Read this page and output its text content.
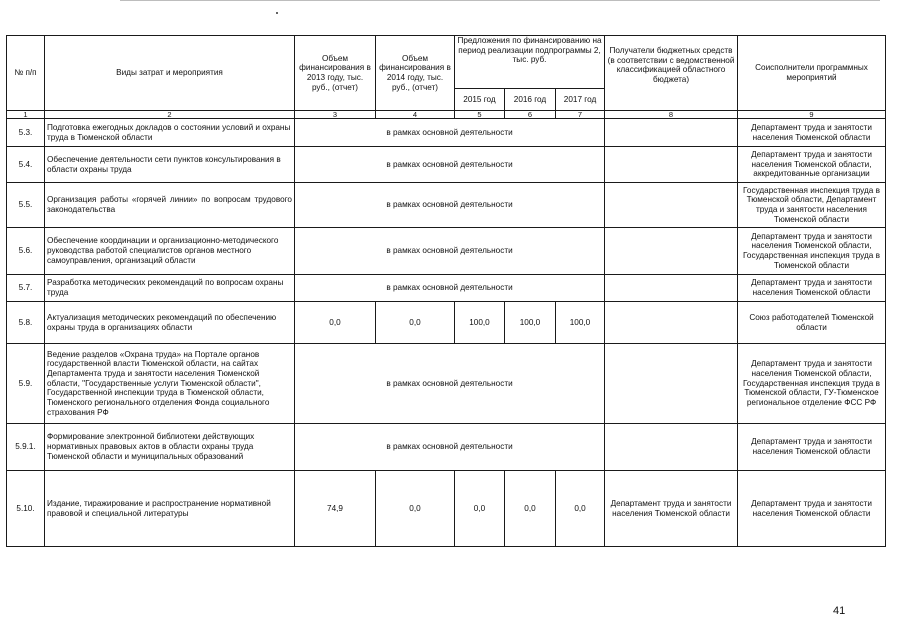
№ п/п	Виды затрат и мероприятия	Объем финансирования в 2013 году, тыс. руб., (отчет)	Объем финансирования в 2014 году, тыс. руб., (отчет)	Предложения по финансированию на период реализации подпрограммы 2, тыс. руб.			Получатели бюджетных средств (в соответствии с ведомственной классификацией областного бюджета)	Соисполнители программных мероприятий
				2015 год	2016 год	2017 год		
1	2	3	4	5	6	7	8	9
5.3.	Подготовка ежегодных докладов о состоянии условий и охраны труда в Тюменской области	в рамках основной деятельности						Департамент труда и занятости населения Тюменской области
5.4.	Обеспечение деятельности сети пунктов консультирования в области охраны труда	в рамках основной деятельности						Департамент труда и занятости населения Тюменской области, аккредитованные организации
5.5.	Организация работы «горячей линии» по вопросам трудового законодательства	в рамках основной деятельности						Государственная инспекция труда в Тюменской области, Департамент труда и занятости населения Тюменской области
5.6.	Обеспечение координации и организационно-методического руководства работой специалистов органов местного самоуправления, организаций области	в рамках основной деятельности						Департамент труда и занятости населения Тюменской области, Государственная инспекция труда в Тюменской области
5.7.	Разработка методических рекомендаций по вопросам охраны труда	в рамках основной деятельности						Департамент труда и занятости населения Тюменской области
5.8.	Актуализация методических рекомендаций по обеспечению охраны труда в организациях области	0,0	0,0	100,0	100,0	100,0		Союз работодателей Тюменской области
5.9.	Ведение разделов «Охрана труда» на Портале органов государственной власти Тюменской области, на сайтах Департамента труда и занятости населения Тюменской области, "Государственные услуги Тюменской области", Государственной инспекции труда в Тюменской области, Тюменского регионального отделения Фонда социального страхования РФ	в рамках основной деятельности						Департамент труда и занятости населения Тюменской области, Государственная инспекция труда в Тюменской области, ГУ-Тюменское региональное отделение ФСС РФ
5.9.1.	Формирование электронной библиотеки действующих нормативных правовых актов в области охраны труда Тюменской области и муниципальных образований	в рамках основной деятельности						Департамент труда и занятости населения Тюменской области
5.10.	Издание, тиражирование и распространение нормативной правовой и специальной литературы	74,9	0,0	0,0	0,0	0,0	Департамент труда и занятости населения Тюменской области	Департамент труда и занятости населения Тюменской области
41
